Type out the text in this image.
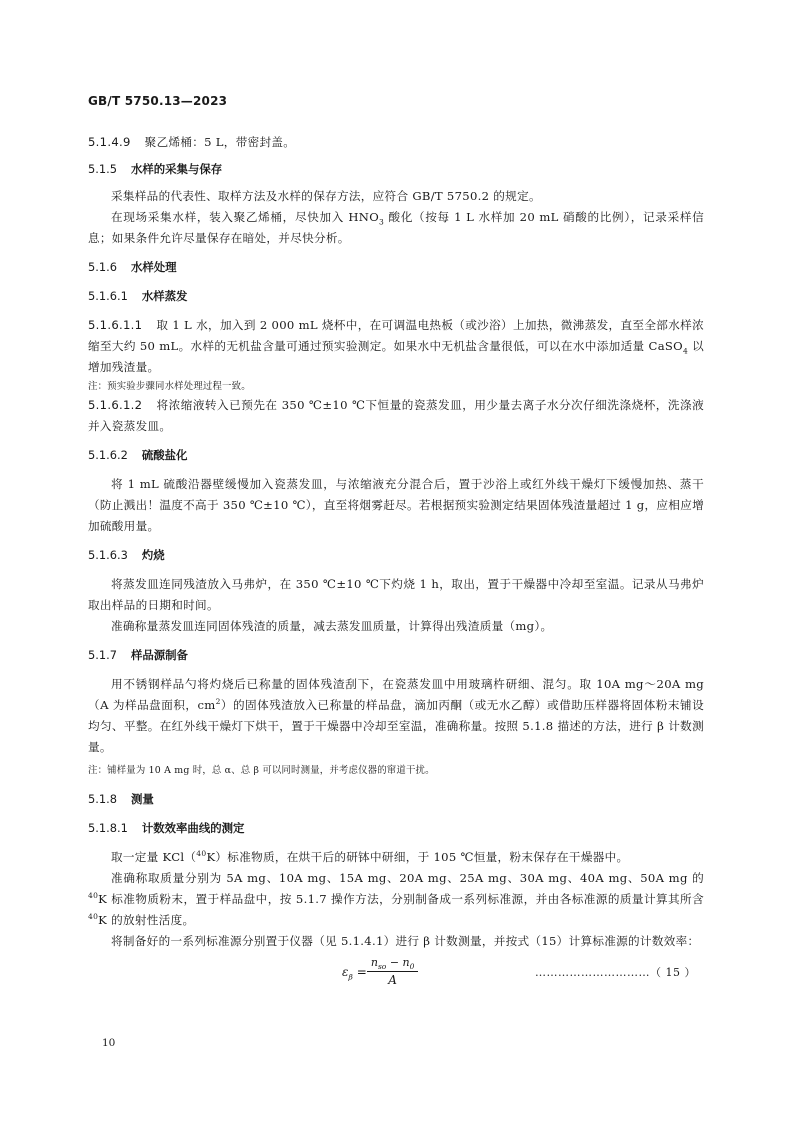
GB/T 5750.13—2023
5.1.4.9 聚乙烯桶：5 L，带密封盖。
5.1.5 水样的采集与保存
采集样品的代表性、取样方法及水样的保存方法，应符合 GB/T 5750.2 的规定。
在现场采集水样，装入聚乙烯桶，尽快加入 $HNO_3$ 酸化（按每 1 L 水样加 20 mL 硝酸的比例），记录采样信息；如果条件允许尽量保存在暗处，并尽快分析。
5.1.6 水样处理
5.1.6.1 水样蒸发
5.1.6.1.1 取 1 L 水，加入到 2 000 mL 烧杯中，在可调温电热板（或沙浴）上加热，微沸蒸发，直至全部水样浓缩至大约 50 mL。水样的无机盐含量可通过预实验测定。如果水中无机盐含量很低，可以在水中添加适量 CaSO$_4$ 以增加残渣量。
注：预实验步骤同水样处理过程一致。
5.1.6.1.2 将浓缩液转入已预先在 350 ℃±10 ℃下恒量的瓷蒸发皿，用少量去离子水分次仔细洗涤烧杯，洗涤液并入瓷蒸发皿。
5.1.6.2 硫酸盐化
将 1 mL 硫酸沿器壁缓慢加入瓷蒸发皿，与浓缩液充分混合后，置于沙浴上或红外线干燥灯下缓慢加热、蒸干（防止溅出！温度不高于 350 ℃±10 ℃），直至将烟雾赶尽。若根据预实验测定结果固体残渣量超过 1 g，应相应增加硫酸用量。
5.1.6.3 灼烧
将蒸发皿连同残渣放入马弗炉，在 350 ℃±10 ℃下灼烧 1 h，取出，置于干燥器中冷却至室温。记录从马弗炉取出样品的日期和时间。
准确称量蒸发皿连同固体残渣的质量，减去蒸发皿质量，计算得出残渣质量（mg）。
5.1.7 样品源制备
用不锈钢样品勺将灼烧后已称量的固体残渣刮下，在瓷蒸发皿中用玻璃杵研细、混匀。取 10A mg～20A mg（A 为样品盘面积，$cm^2$）的固体残渣放入已称量的样品盘，滴加丙酮（或无水乙醇）或借助压样器将固体粉末铺设均匀、平整。在红外线干燥灯下烘干，置于干燥器中冷却至室温，准确称量。按照 5.1.8 描述的方法，进行 β 计数测量。
注：铺样量为 10 A mg 时，总 α、总 β 可以同时测量，并考虑仪器的窜道干扰。
5.1.8 测量
5.1.8.1 计数效率曲线的测定
取一定量 KCl（$^{40}$K）标准物质，在烘干后的研钵中研细，于 105 ℃恒量，粉末保存在干燥器中。
准确称取质量分别为 5A mg、10A mg、15A mg、20A mg、25A mg、30A mg、40A mg、50A mg 的$^{40}$K 标准物质粉末，置于样品盘中，按 5.1.7 操作方法，分别制备成一系列标准源，并由各标准源的质量计算其所含$^{40}$K 的放射性活度。
将制备好的一系列标准源分别置于仪器（见 5.1.4.1）进行 β 计数测量，并按式（15）计算标准源的计数效率：
$\varepsilon_\beta = \frac{n_{so} - n_0}{A}$	…………………………（ 15 ）
10
